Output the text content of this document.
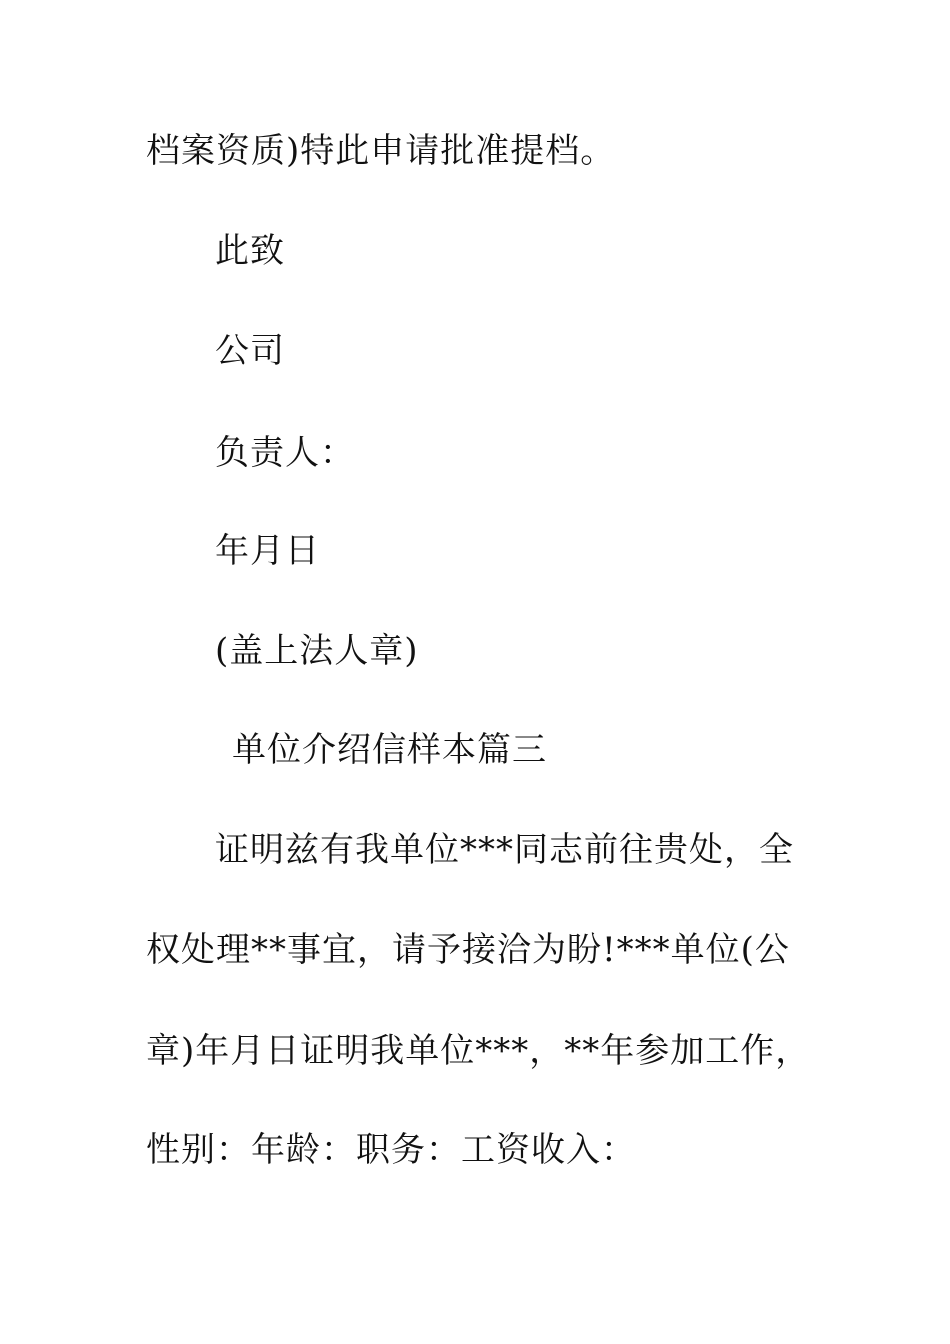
档案资质)特此申请批准提档。
此致
公司
负责人：
年月日
(盖上法人章)
单位介绍信样本篇三
证明兹有我单位***同志前往贵处，全
权处理**事宜，请予接洽为盼!***单位(公
章)年月日证明我单位***，**年参加工作，
性别：年龄：职务：工资收入：
